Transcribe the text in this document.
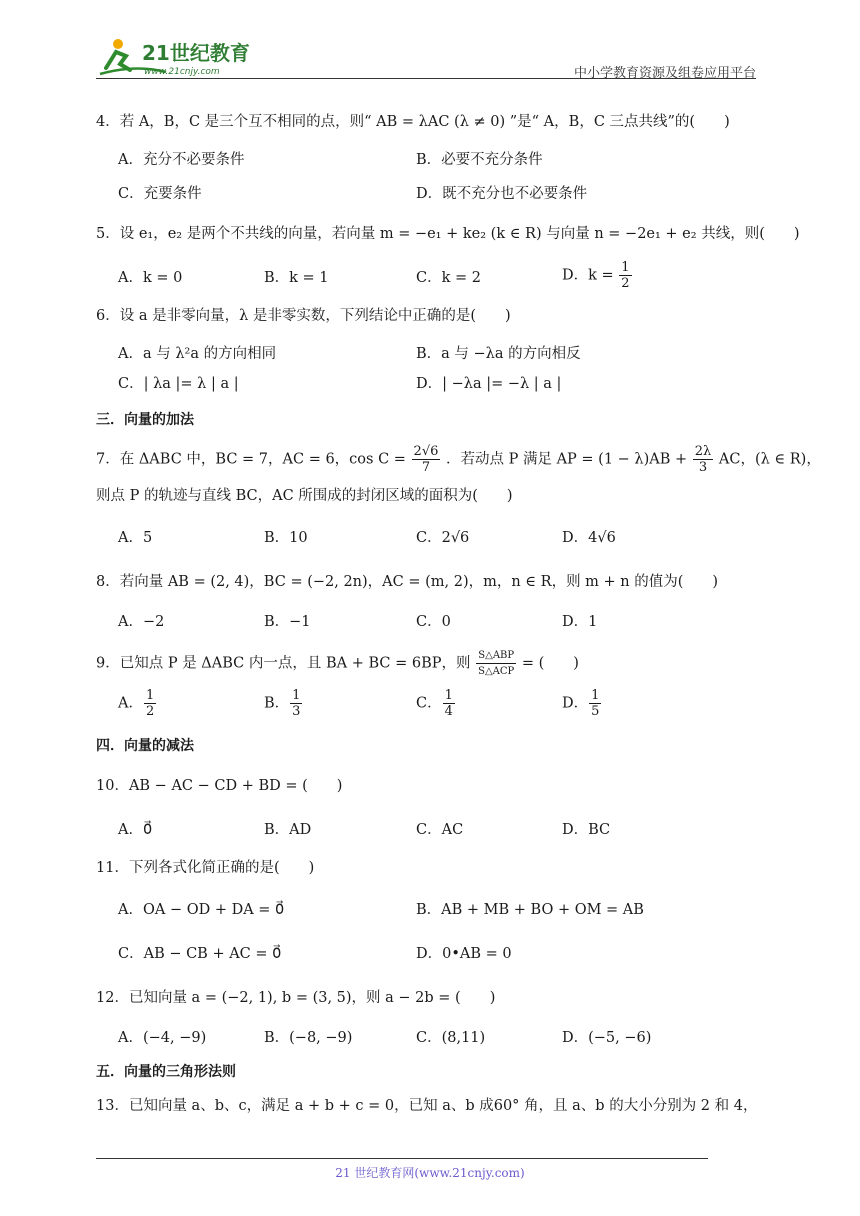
21世纪教育
www.21cnjy.com	中小学教育资源及组卷应用平台
4．若 A，B，C 是三个互不相同的点，则“ AB = λAC (λ ≠ 0) ”是“ A，B，C 三点共线”的(　　)
A．充分不必要条件	B．必要不充分条件
C．充要条件	D．既不充分也不必要条件
5．设 e₁，e₂ 是两个不共线的向量，若向量 m = −e₁ + ke₂ (k ∈ R) 与向量 n = −2e₁ + e₂ 共线，则(　　)
A．k = 0	B．k = 1	C．k = 2	D．$k = \frac{1}{2}$
6．设 a 是非零向量，λ 是非零实数，下列结论中正确的是(　　)
A．a 与 λ²a 的方向相同	B．a 与 −λa 的方向相反
C．| λa |= λ | a |	D．| −λa |= −λ | a |
三．向量的加法
7．在 ΔABC 中，BC = 7，AC = 6，$\cos C = \frac{2√6}{7}$ ．若动点 P 满足 AP = $(1 - \lambda)AB + \frac{2\lambda}{3}$ AC，(λ ∈ R)，
则点 P 的轨迹与直线 BC，AC 所围成的封闭区域的面积为(　　)
A．5	B．10	C．2√6	D．4√6
8．若向量 AB = (2, 4)，BC = (−2, 2n)，AC = (m, 2)，m，n ∈ R，则 m + n 的值为(　　)
A．−2	B．−1	C．0	D．1
9．已知点 P 是 ΔABC 内一点，且 BA + BC = 6BP，则 $\frac{\text{S△ABP}}{\text{S△ACP}}$ = (　　)
A． $\frac{1}{2}$	B． $\frac{1}{3}$	C． $\frac{1}{4}$	D． $\frac{1}{5}$
四．向量的减法
10．AB − AC − CD + BD = (　　)
A．0⃗	B．AD	C．AC	D．BC
11．下列各式化简正确的是(　　)
A．OA − OD + DA = 0⃗	B．AB + MB + BO + OM = AB
C．AB − CB + AC = 0⃗	D．0•AB = 0
12．已知向量 a = (−2, 1), b = (3, 5)，则 a − 2b = (　　)
A．(−4, −9)	B．(−8, −9)	C．(8,11)	D．(−5, −6)
五．向量的三角形法则
13．已知向量 a、b、c，满足 a + b + c = 0，已知 a、b 成60° 角，且 a、b 的大小分别为 2 和 4，
21 世纪教育网(www.21cnjy.com)
